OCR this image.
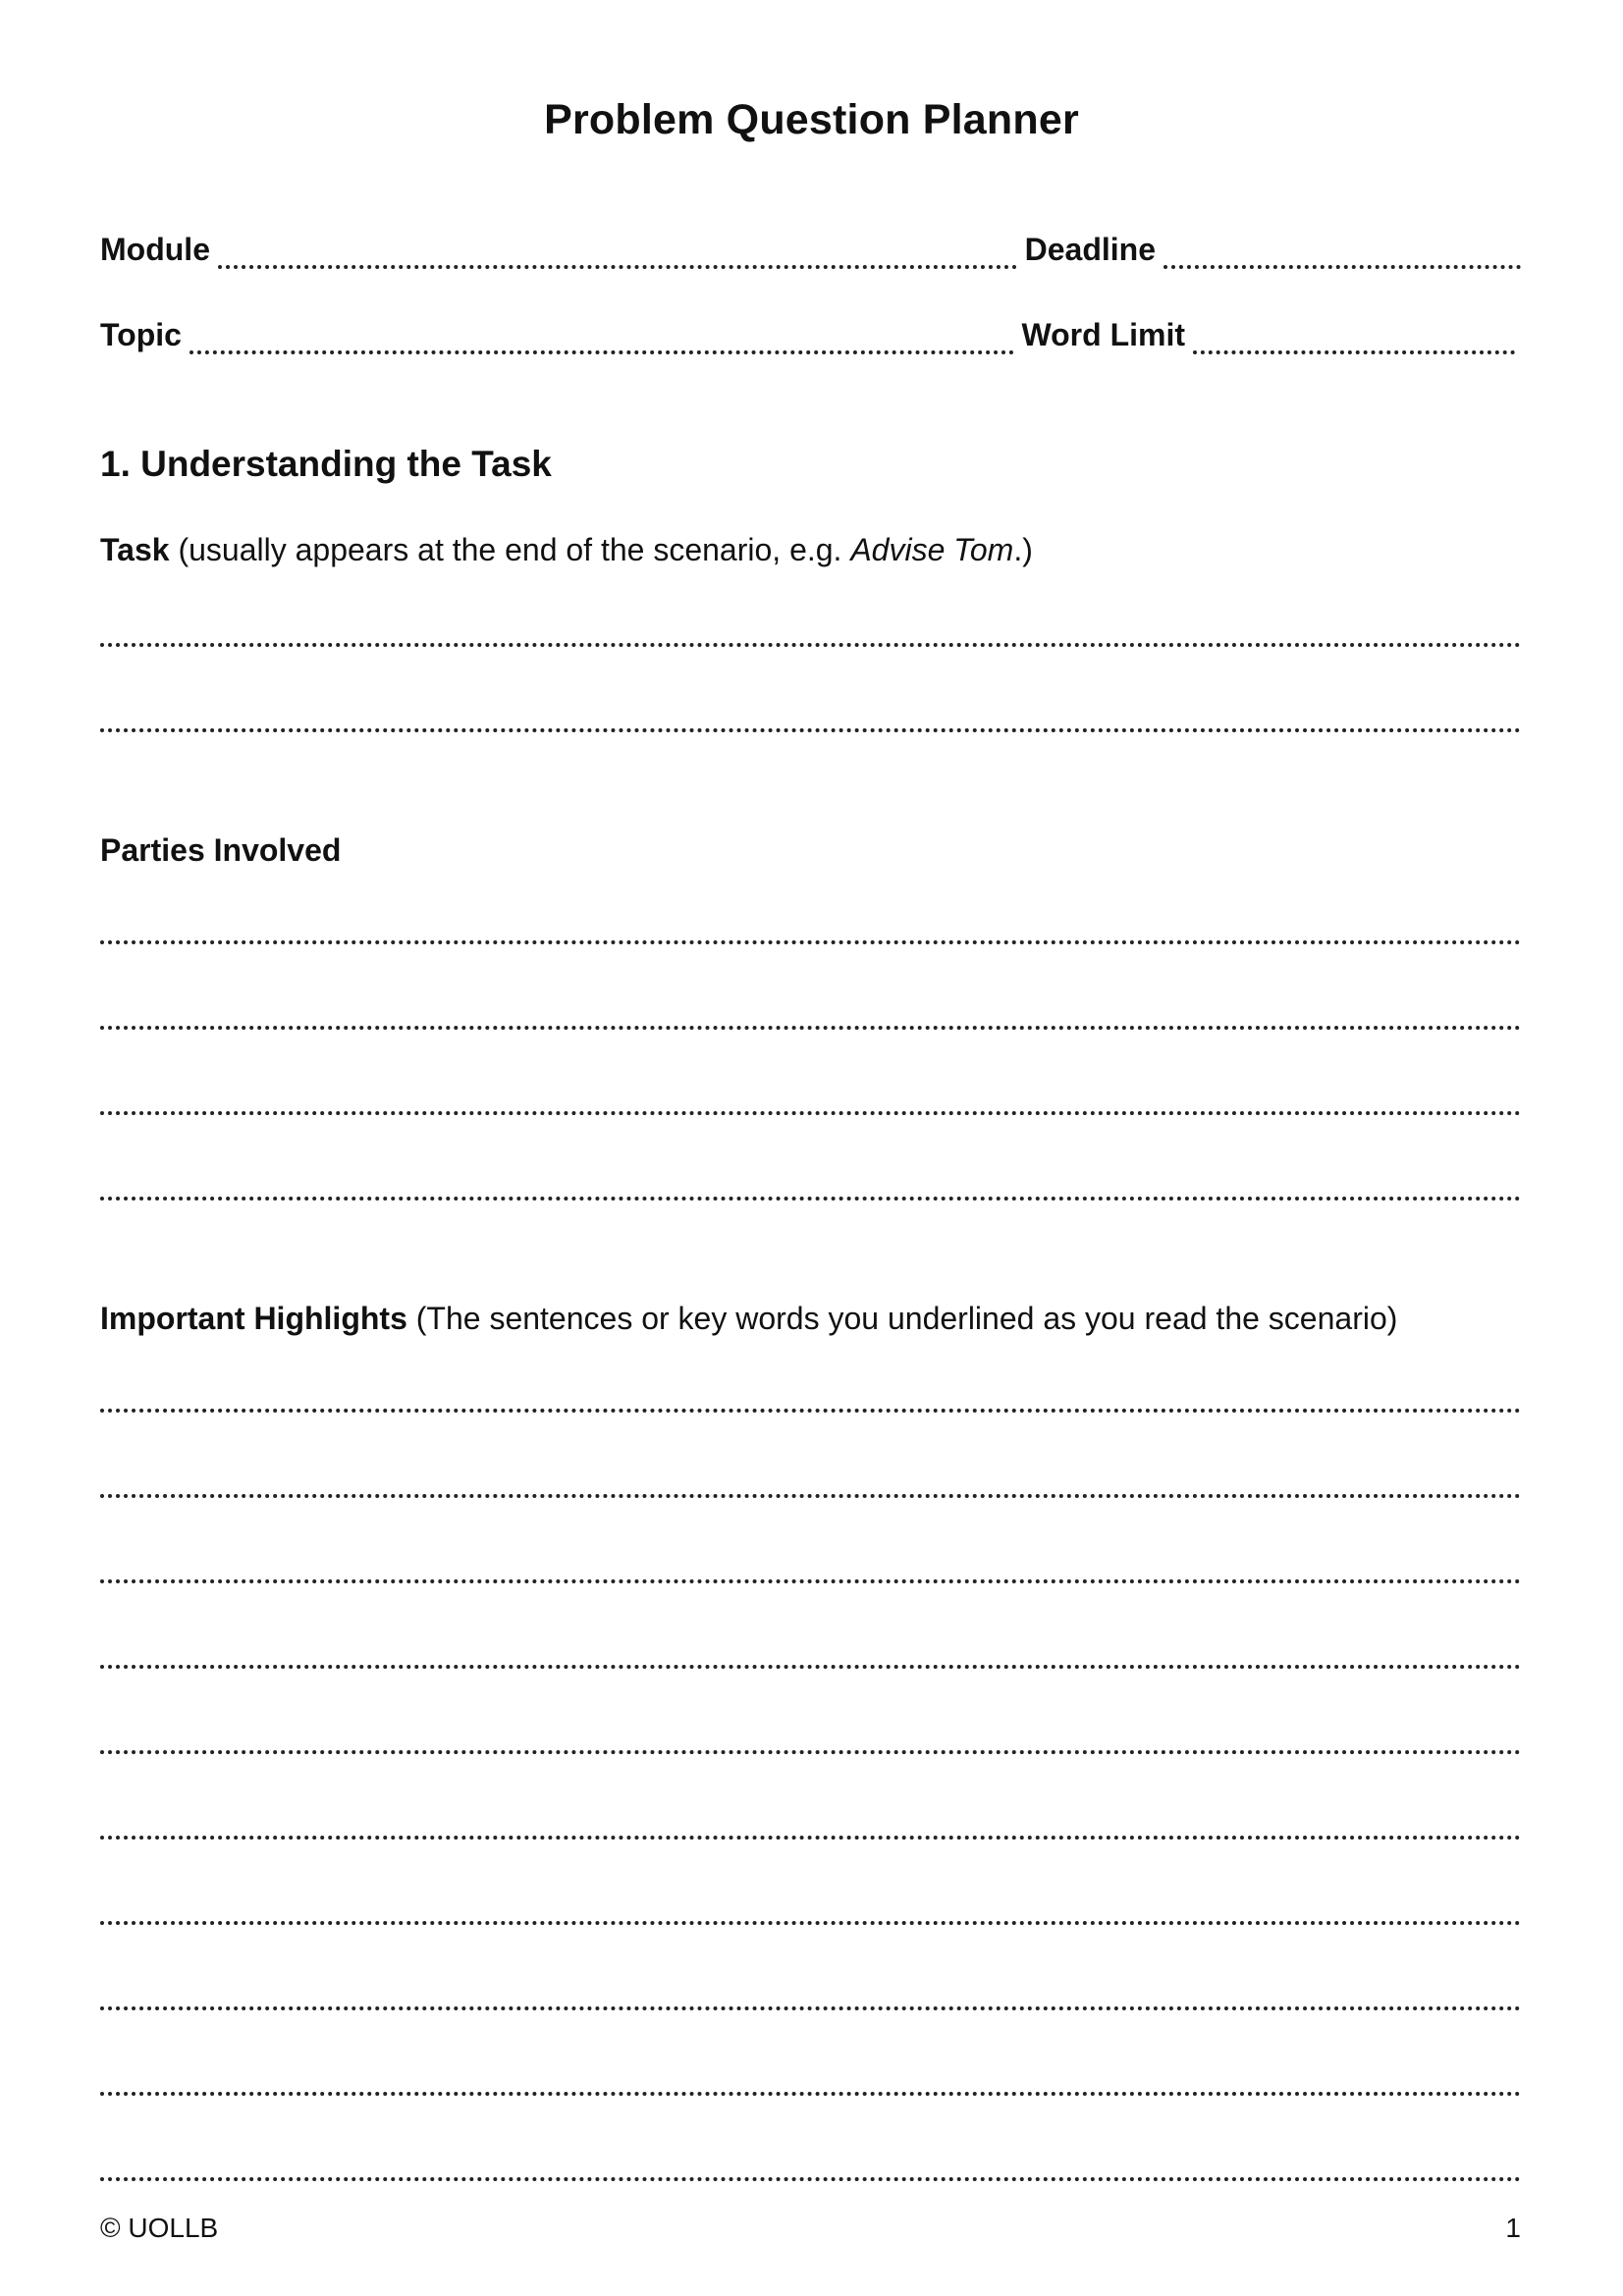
Problem Question Planner
Module	Deadline
Topic	Word Limit
1. Understanding the Task
Task (usually appears at the end of the scenario, e.g. Advise Tom.)
Parties Involved
Important Highlights (The sentences or key words you underlined as you read the scenario)
© UOLLB	1
